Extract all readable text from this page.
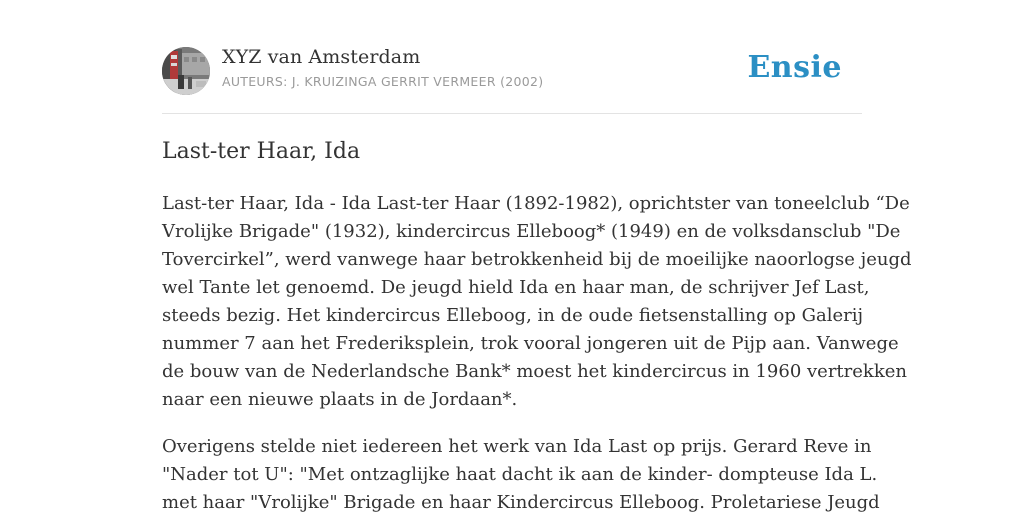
XYZ van Amsterdam
AUTEURS: J. KRUIZINGA GERRIT VERMEER (2002)	Ensie
Last-ter Haar, Ida

Last-ter Haar, Ida - Ida Last-ter Haar (1892-1982), oprichtster van toneelclub “De
Vrolijke Brigade" (1932), kindercircus Elleboog* (1949) en de volksdansclub "De
Tovercirkel”, werd vanwege haar betrokkenheid bij de moeilijke naoorlogse jeugd
wel Tante let genoemd. De jeugd hield Ida en haar man, de schrijver Jef Last,
steeds bezig. Het kindercircus Elleboog, in de oude fietsenstalling op Galerij
nummer 7 aan het Frederiksplein, trok vooral jongeren uit de Pijp aan. Vanwege
de bouw van de Nederlandsche Bank* moest het kindercircus in 1960 vertrekken
naar een nieuwe plaats in de Jordaan*.

Overigens stelde niet iedereen het werk van Ida Last op prijs. Gerard Reve in
"Nader tot U": "Met ontzaglijke haat dacht ik aan de kinder- dompteuse Ida L.
met haar "Vrolijke" Brigade en haar Kindercircus Elleboog. Proletariese Jeugd
